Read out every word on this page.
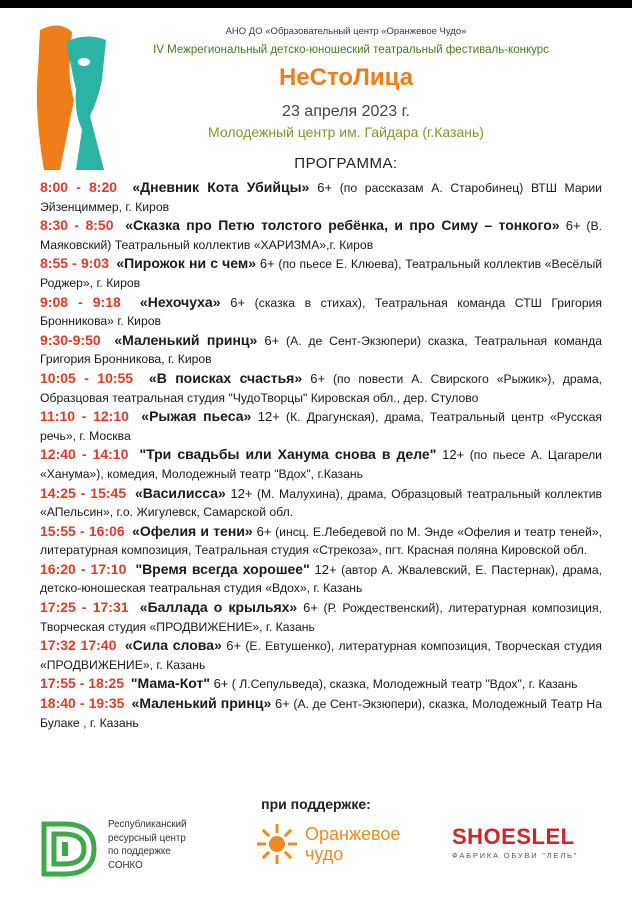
АНО ДО «Образовательный центр «Оранжевое Чудо»
IV Межрегиональный детско-юношеский театральный фестиваль-конкурс
НеСтоЛица
23 апреля 2023 г.
Молодежный центр им. Гайдара (г.Казань)
ПРОГРАММА:
8:00 - 8:20 «Дневник Кота Убийцы» 6+ (по рассказам А. Старобинец) ВТШ Марии Эйзенциммер, г. Киров
8:30 - 8:50 «Сказка про Петю толстого ребёнка, и про Симу – тонкого» 6+ (В. Маяковский) Театральный коллектив «ХАРИЗМА»,г. Киров
8:55 - 9:03 «Пирожок ни с чем» 6+ (по пьесе Е. Клюева), Театральный коллектив «Весёлый Роджер», г. Киров
9:08 - 9:18 «Нехочуха» 6+ (сказка в стихах), Театральная команда СТШ Григория Бронникова» г. Киров
9:30-9:50 «Маленький принц» 6+ (А. де Сент-Экзюпери) сказка, Театральная команда Григория Бронникова, г. Киров
10:05 - 10:55 «В поисках счастья» 6+ (по повести А. Свирского «Рыжик»), драма, Образцовая театральная студия "ЧудоТворцы" Кировская обл., дер. Стулово
11:10 - 12:10 «Рыжая пьеса» 12+ (К. Драгунская), драма, Театральный центр «Русская речь», г. Москва
12:40 - 14:10 "Три свадьбы или Ханума снова в деле" 12+ (по пьесе А. Цагарели «Ханума»), комедия, Молодежный театр "Вдох", г.Казань
14:25 - 15:45 «Василисса» 12+ (М. Малухина), драма, Образцовый театральный коллектив «АПельсин», г.о. Жигулевск, Самарской обл.
15:55 - 16:06 «Офелия и тени» 6+ (инсц. Е.Лебедевой по М. Энде «Офелия и театр теней», литературная композиция, Театральная студия «Стрекоза», пгт. Красная поляна Кировской обл.
16:20 - 17:10 "Время всегда хорошее" 12+ (автор А. Жвалевский, Е. Пастернак), драма, детско-юношеская театральная студия «Вдох», г. Казань
17:25 - 17:31 «Баллада о крыльях» 6+ (Р. Рождественский), литературная композиция, Творческая студия «ПРОДВИЖЕНИЕ», г. Казань
17:32 17:40 «Сила слова» 6+ (Е. Евтушенко), литературная композиция, Творческая студия «ПРОДВИЖЕНИЕ», г. Казань
17:55 - 18:25 "Мама-Кот" 6+ ( Л.Сепульведа), сказка, Молодежный театр "Вдох", г. Казань
18:40 - 19:35 «Маленький принц» 6+ (А. де Сент-Экзюпери), сказка, Молодежный Театр На Булаке , г. Казань
при поддержке:
Республиканский
ресурсный центр
по поддержке
СОНКО
Оранжевое
чудо
SHOESLEL
ФАБРИКА ОБУВИ "ЛЕЛЬ"
